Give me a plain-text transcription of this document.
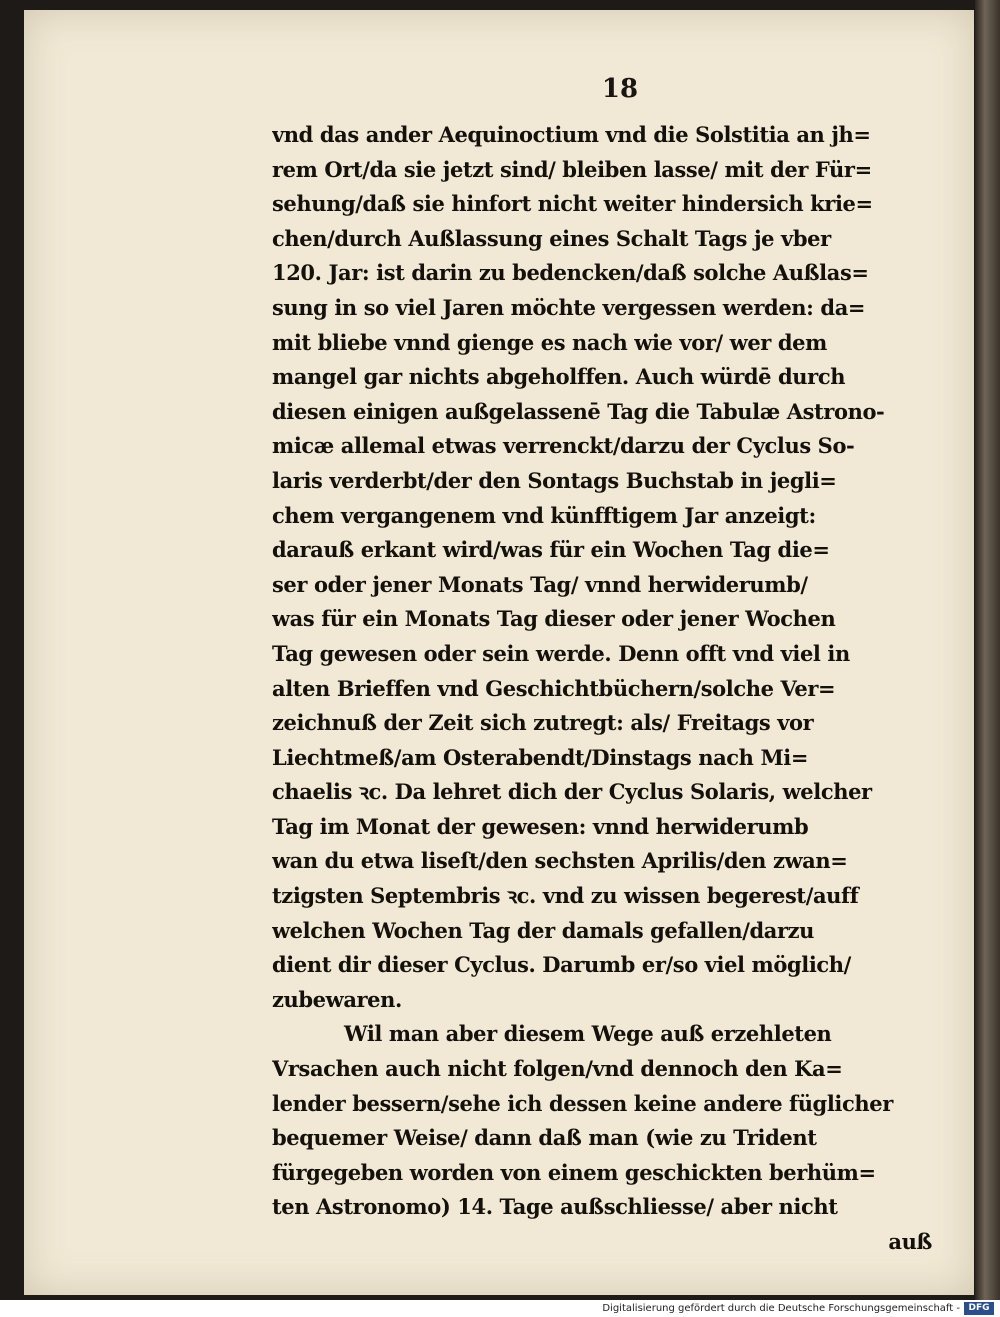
18
vnd das ander Aequinoctium vnd die Solstitia an jh=
rem Ort/da sie jetzt sind/ bleiben lasse/ mit der Für=
sehung/daß sie hinfort nicht weiter hindersich krie=
chen/durch Außlassung eines Schalt Tags je vber
120. Jar: ist darin zu bedencken/daß solche Außlas=
sung in so viel Jaren möchte vergessen werden: da=
mit bliebe vnnd gienge es nach wie vor/ wer dem
mangel gar nichts abgeholffen. Auch würdē durch
diesen einigen außgelassenē Tag die Tabulæ Astrono-
micæ allemal etwas verrenckt/darzu der Cyclus So-
laris verderbt/der den Sontags Buchstab in jegli=
chem vergangenem vnd künfftigem Jar anzeigt:
darauß erkant wird/was für ein Wochen Tag die=
ser oder jener Monats Tag/ vnnd herwiderumb/
was für ein Monats Tag dieser oder jener Wochen
Tag gewesen oder sein werde. Denn offt vnd viel in
alten Brieffen vnd Geschichtbüchern/solche Ver=
zeichnuß der Zeit sich zutregt: als/ Freitags vor
Liechtmeß/am Osterabendt/Dinstags nach Mi=
chaelis ꝛc. Da lehret dich der Cyclus Solaris, welcher
Tag im Monat der gewesen: vnnd herwiderumb
wan du etwa liseſt/den sechsten Aprilis/den zwan=
tzigsten Septembris ꝛc. vnd zu wissen begerest/auff
welchen Wochen Tag der damals gefallen/darzu
dient dir dieser Cyclus. Darumb er/so viel möglich/
zubewaren.
Wil man aber diesem Wege auß erzehleten
Vrsachen auch nicht folgen/vnd dennoch den Ka=
lender bessern/sehe ich dessen keine andere füglicher
bequemer Weise/ dann daß man (wie zu Trident
fürgegeben worden von einem geschickten berhüm=
ten Astronomo) 14. Tage außschliesse/ aber nicht
auß
Digitalisierung gefördert durch die Deutsche Forschungsgemeinschaft - DFG
